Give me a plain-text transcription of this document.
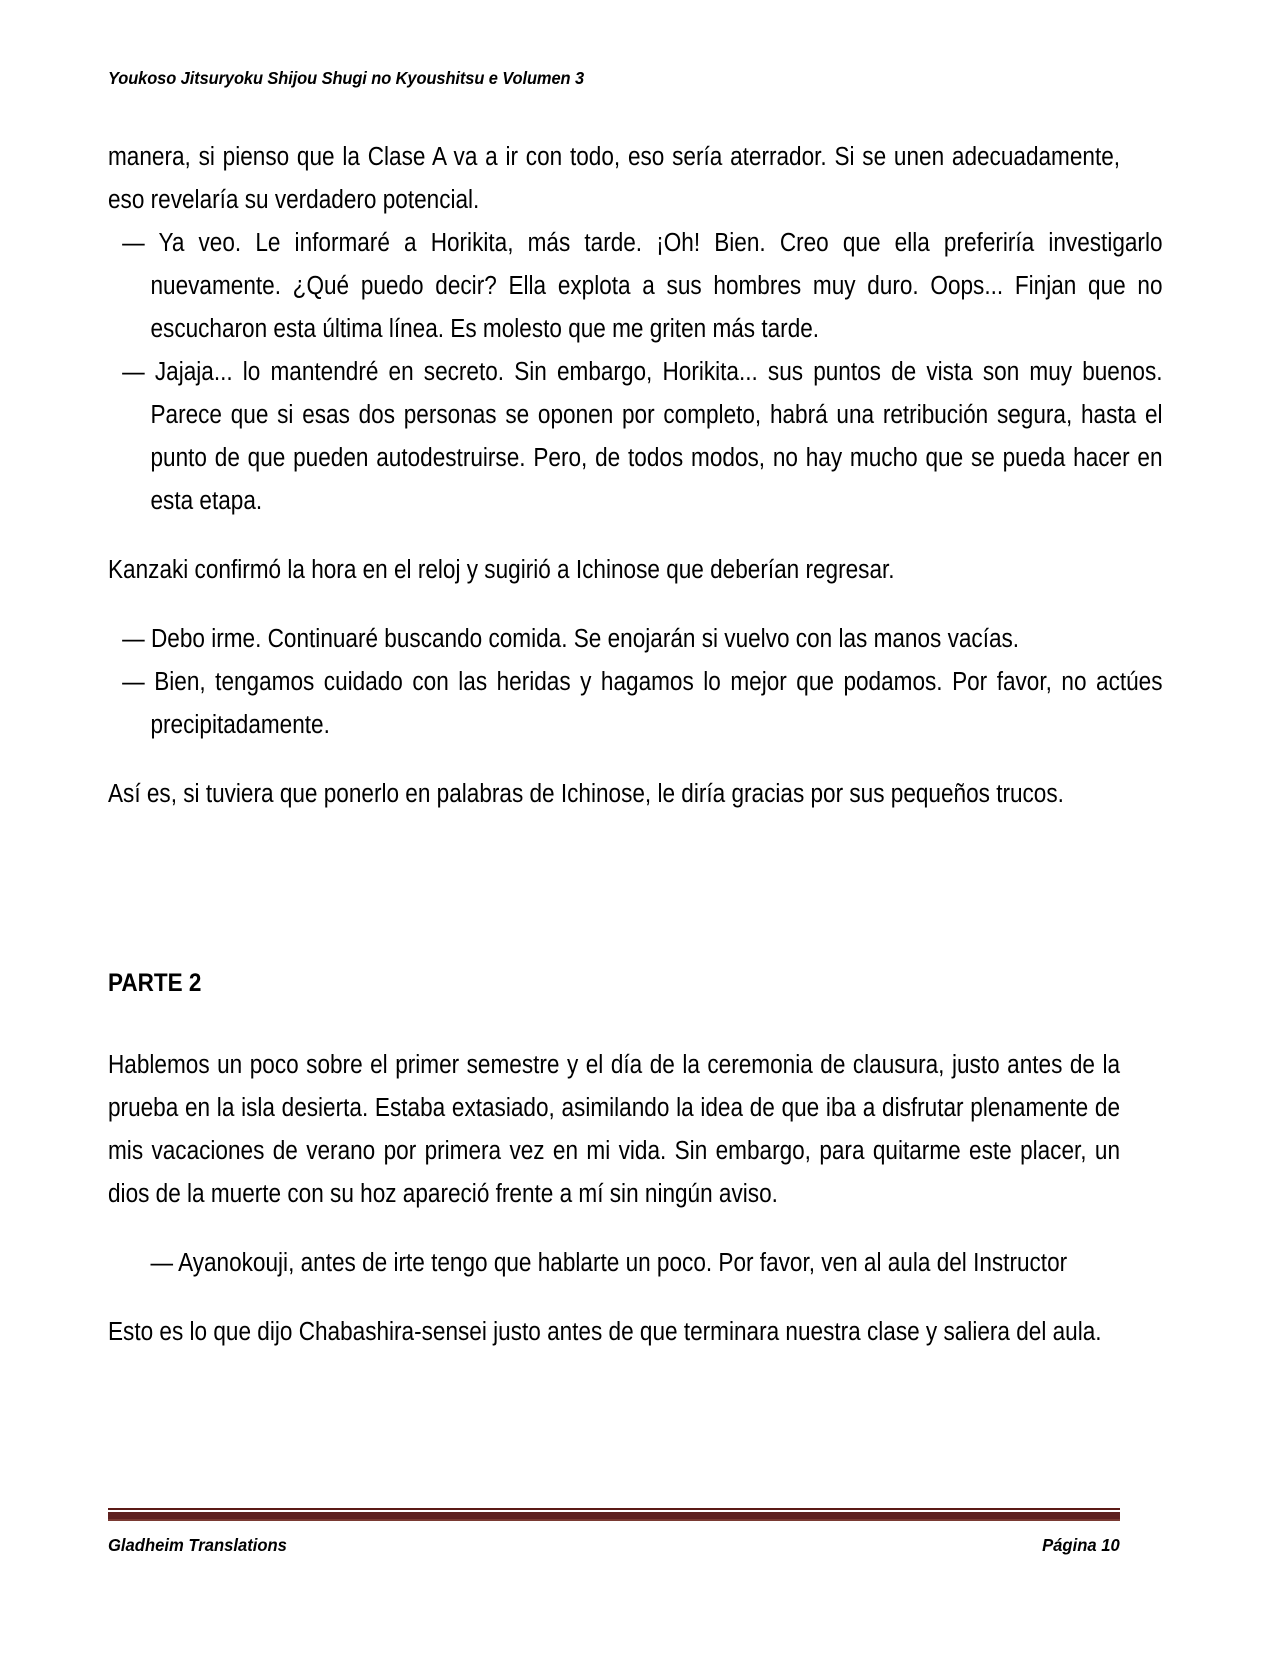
Youkoso Jitsuryoku Shijou Shugi no Kyoushitsu e Volumen 3

manera, si pienso que la Clase A va a ir con todo, eso sería aterrador. Si se unen adecuadamente, eso revelaría su verdadero potencial.

— Ya veo. Le informaré a Horikita, más tarde. ¡Oh! Bien. Creo que ella preferiría investigarlo nuevamente. ¿Qué puedo decir? Ella explota a sus hombres muy duro. Oops... Finjan que no escucharon esta última línea. Es molesto que me griten más tarde.

— Jajaja... lo mantendré en secreto. Sin embargo, Horikita... sus puntos de vista son muy buenos. Parece que si esas dos personas se oponen por completo, habrá una retribución segura, hasta el punto de que pueden autodestruirse. Pero, de todos modos, no hay mucho que se pueda hacer en esta etapa.

Kanzaki confirmó la hora en el reloj y sugirió a Ichinose que deberían regresar.

— Debo irme. Continuaré buscando comida. Se enojarán si vuelvo con las manos vacías.

— Bien, tengamos cuidado con las heridas y hagamos lo mejor que podamos. Por favor, no actúes precipitadamente.

Así es, si tuviera que ponerlo en palabras de Ichinose, le diría gracias por sus pequeños trucos.

PARTE 2

Hablemos un poco sobre el primer semestre y el día de la ceremonia de clausura, justo antes de la prueba en la isla desierta. Estaba extasiado, asimilando la idea de que iba a disfrutar plenamente de mis vacaciones de verano por primera vez en mi vida. Sin embargo, para quitarme este placer, un dios de la muerte con su hoz apareció frente a mí sin ningún aviso.

— Ayanokouji, antes de irte tengo que hablarte un poco. Por favor, ven al aula del Instructor

Esto es lo que dijo Chabashira-sensei justo antes de que terminara nuestra clase y saliera del aula.

Gladheim Translations	Página 10
